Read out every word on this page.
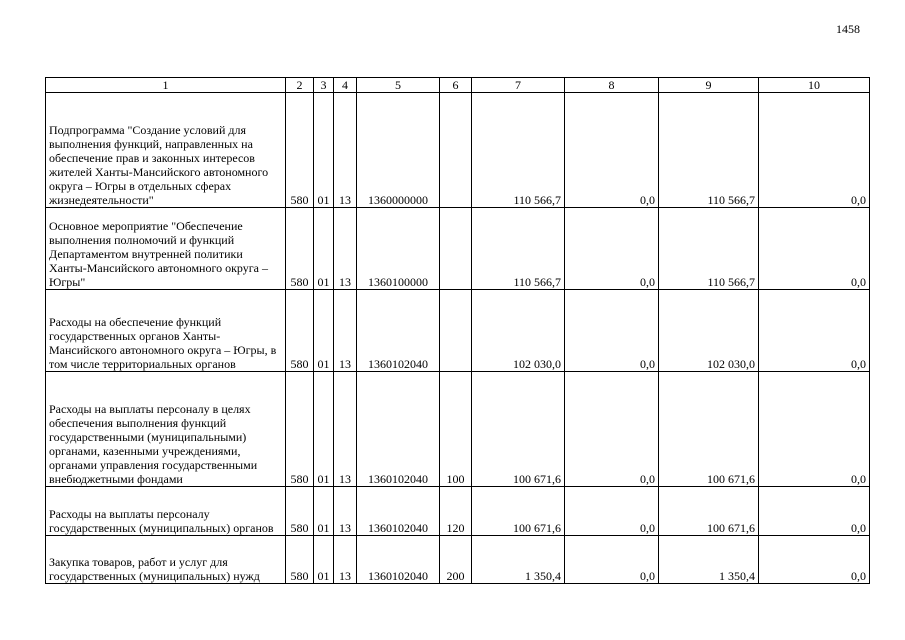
1458
1	2	3	4	5	6	7	8	9	10
Подпрограмма "Создание условий для выполнения функций, направленных на обеспечение прав и законных интересов жителей Ханты-Мансийского автономного округа – Югры в отдельных сферах жизнедеятельности"	580	01	13	1360000000		110 566,7	0,0	110 566,7	0,0
Основное мероприятие "Обеспечение выполнения полномочий и функций Департаментом внутренней политики Ханты-Мансийского автономного округа – Югры"	580	01	13	1360100000		110 566,7	0,0	110 566,7	0,0
Расходы на обеспечение функций государственных органов Ханты-Мансийского автономного округа – Югры, в том числе территориальных органов	580	01	13	1360102040		102 030,0	0,0	102 030,0	0,0
Расходы на выплаты персоналу в целях обеспечения выполнения функций государственными (муниципальными) органами, казенными учреждениями, органами управления государственными внебюджетными фондами	580	01	13	1360102040	100	100 671,6	0,0	100 671,6	0,0
Расходы на выплаты персоналу государственных (муниципальных) органов	580	01	13	1360102040	120	100 671,6	0,0	100 671,6	0,0
Закупка товаров, работ и услуг для государственных (муниципальных) нужд	580	01	13	1360102040	200	1 350,4	0,0	1 350,4	0,0
